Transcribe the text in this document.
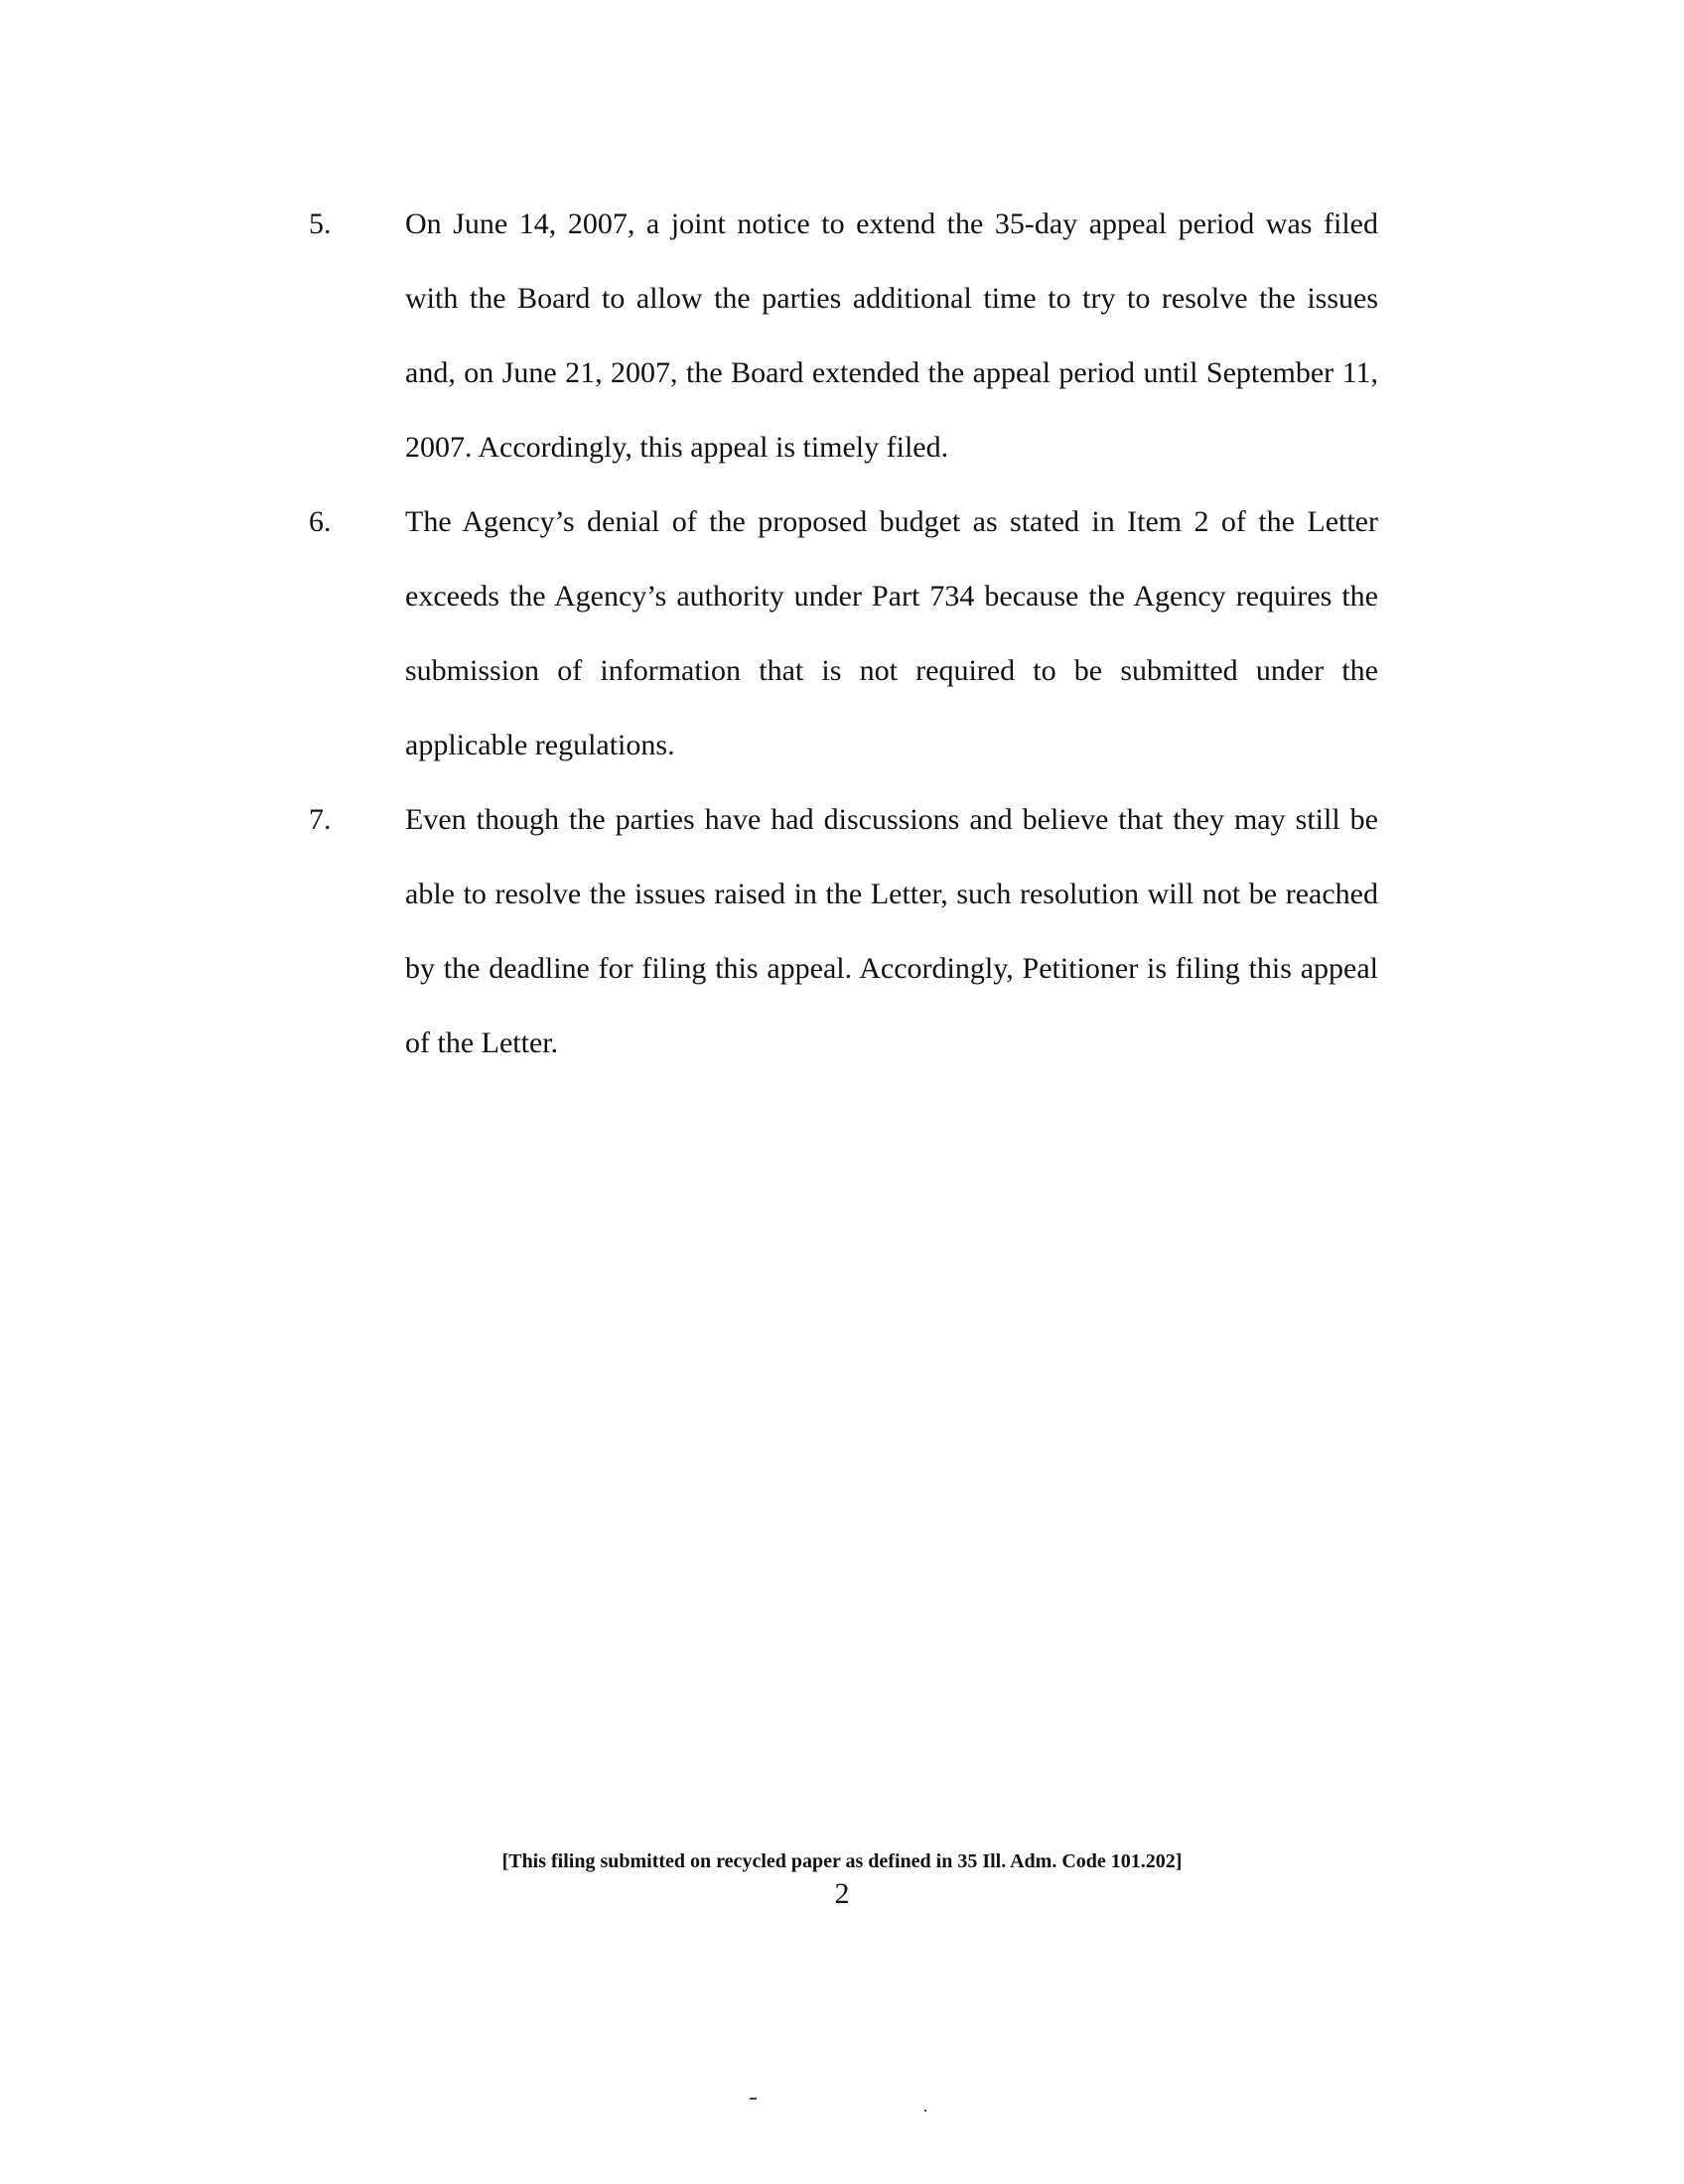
5. On June 14, 2007, a joint notice to extend the 35-day appeal period was filed with the Board to allow the parties additional time to try to resolve the issues and, on June 21, 2007, the Board extended the appeal period until September 11, 2007. Accordingly, this appeal is timely filed.
6. The Agency’s denial of the proposed budget as stated in Item 2 of the Letter exceeds the Agency’s authority under Part 734 because the Agency requires the submission of information that is not required to be submitted under the applicable regulations.
7. Even though the parties have had discussions and believe that they may still be able to resolve the issues raised in the Letter, such resolution will not be reached by the deadline for filing this appeal. Accordingly, Petitioner is filing this appeal of the Letter.
[This filing submitted on recycled paper as defined in 35 Ill. Adm. Code 101.202]
2
